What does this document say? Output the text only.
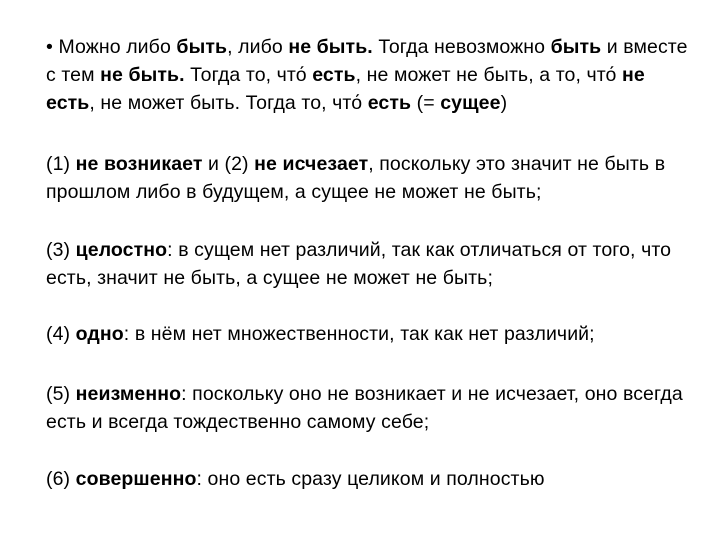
• Можно либо быть, либо не быть. Тогда невозможно быть и вместе с тем не быть. Тогда то, что́ есть, не может не быть, а то, что́ не есть, не может быть. Тогда то, что́ есть (= сущее)

(1) не возникает и (2) не исчезает, поскольку это значит не быть в прошлом либо в будущем, а сущее не может не быть;

(3) целостно: в сущем нет различий, так как отличаться от того, что есть, значит не быть, а сущее не может не быть;

(4) одно: в нём нет множественности, так как нет различий;

(5) неизменно: поскольку оно не возникает и не исчезает, оно всегда есть и всегда тождественно самому себе;

(6) совершенно: оно есть сразу целиком и полностью
